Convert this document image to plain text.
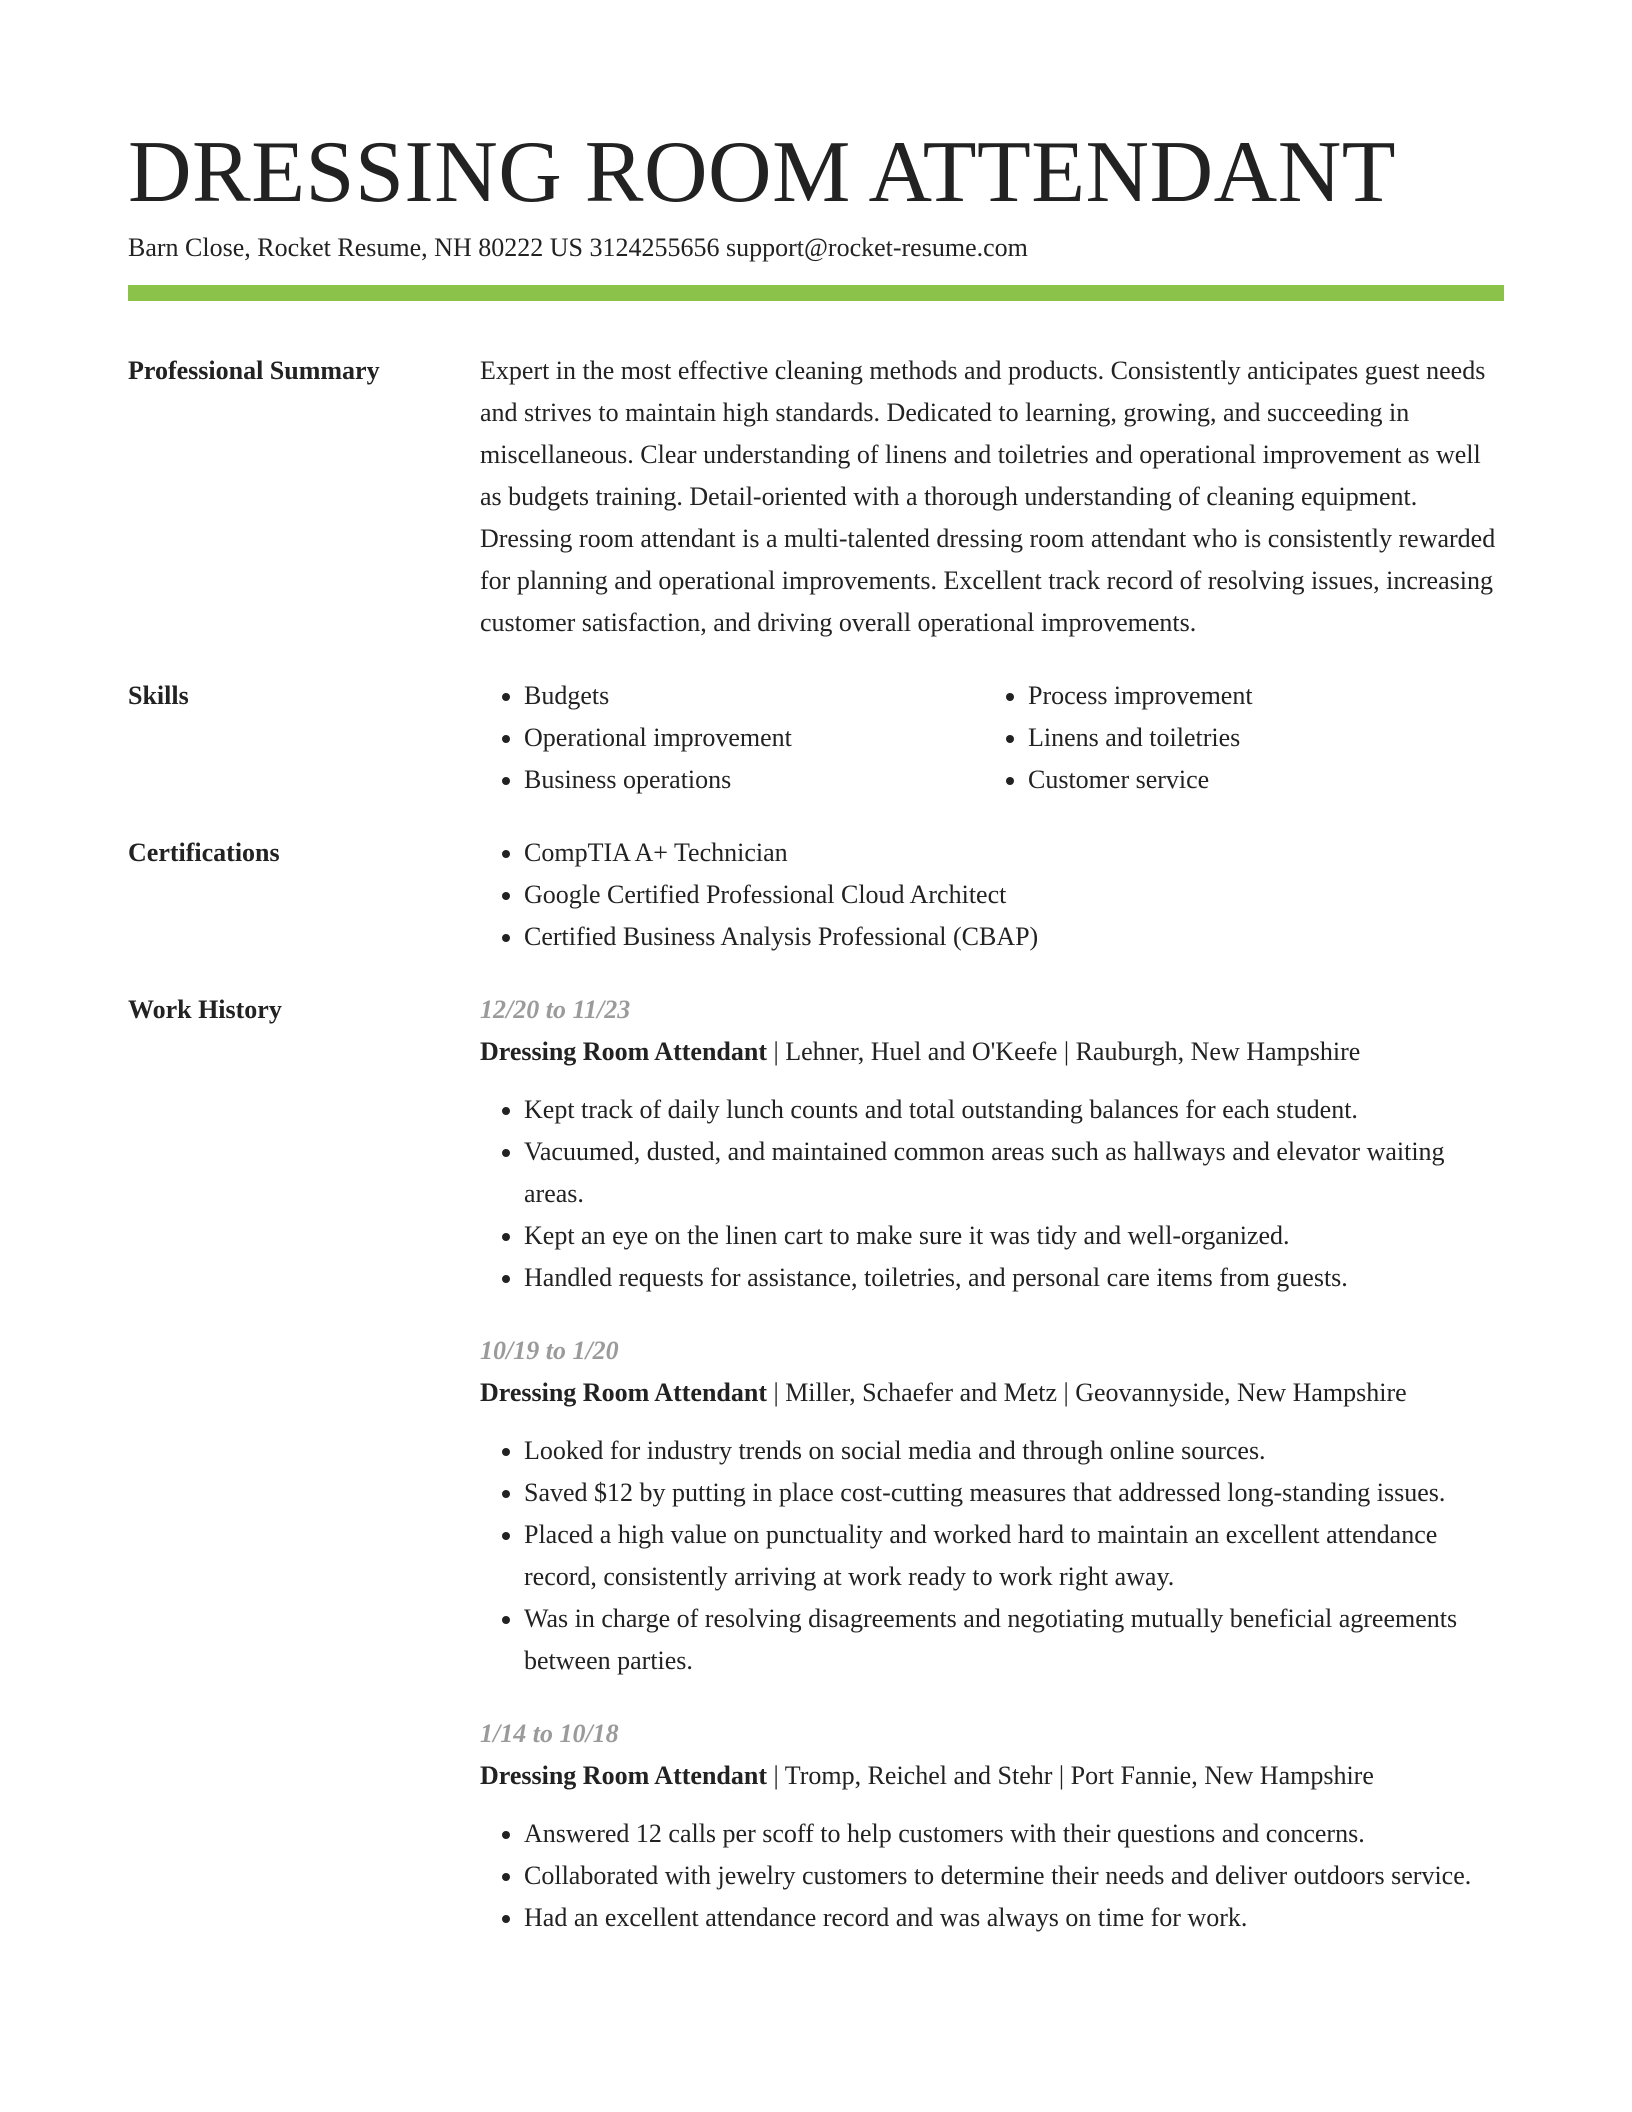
DRESSING ROOM ATTENDANT
Barn Close, Rocket Resume, NH 80222 US 3124255656 support@rocket-resume.com
Professional Summary	Expert in the most effective cleaning methods and products. Consistently anticipates guest needs and strives to maintain high standards. Dedicated to learning, growing, and succeeding in miscellaneous. Clear understanding of linens and toiletries and operational improvement as well as budgets training. Detail-oriented with a thorough understanding of cleaning equipment. Dressing room attendant is a multi-talented dressing room attendant who is consistently rewarded for planning and operational improvements. Excellent track record of resolving issues, increasing customer satisfaction, and driving overall operational improvements.

Skills	• Budgets
• Operational improvement
• Business operations
• Process improvement
• Linens and toiletries
• Customer service
Certifications	• CompTIA A+ Technician
• Google Certified Professional Cloud Architect
• Certified Business Analysis Professional (CBAP)
Work History	12/20 to 11/23
Dressing Room Attendant | Lehner, Huel and O'Keefe | Rauburgh, New Hampshire
• Kept track of daily lunch counts and total outstanding balances for each student.
• Vacuumed, dusted, and maintained common areas such as hallways and elevator waiting areas.
• Kept an eye on the linen cart to make sure it was tidy and well-organized.
• Handled requests for assistance, toiletries, and personal care items from guests.
10/19 to 1/20
Dressing Room Attendant | Miller, Schaefer and Metz | Geovannyside, New Hampshire
• Looked for industry trends on social media and through online sources.
• Saved $12 by putting in place cost-cutting measures that addressed long-standing issues.
• Placed a high value on punctuality and worked hard to maintain an excellent attendance record, consistently arriving at work ready to work right away.
• Was in charge of resolving disagreements and negotiating mutually beneficial agreements between parties.
1/14 to 10/18
Dressing Room Attendant | Tromp, Reichel and Stehr | Port Fannie, New Hampshire
• Answered 12 calls per scoff to help customers with their questions and concerns.
• Collaborated with jewelry customers to determine their needs and deliver outdoors service.
• Had an excellent attendance record and was always on time for work.
